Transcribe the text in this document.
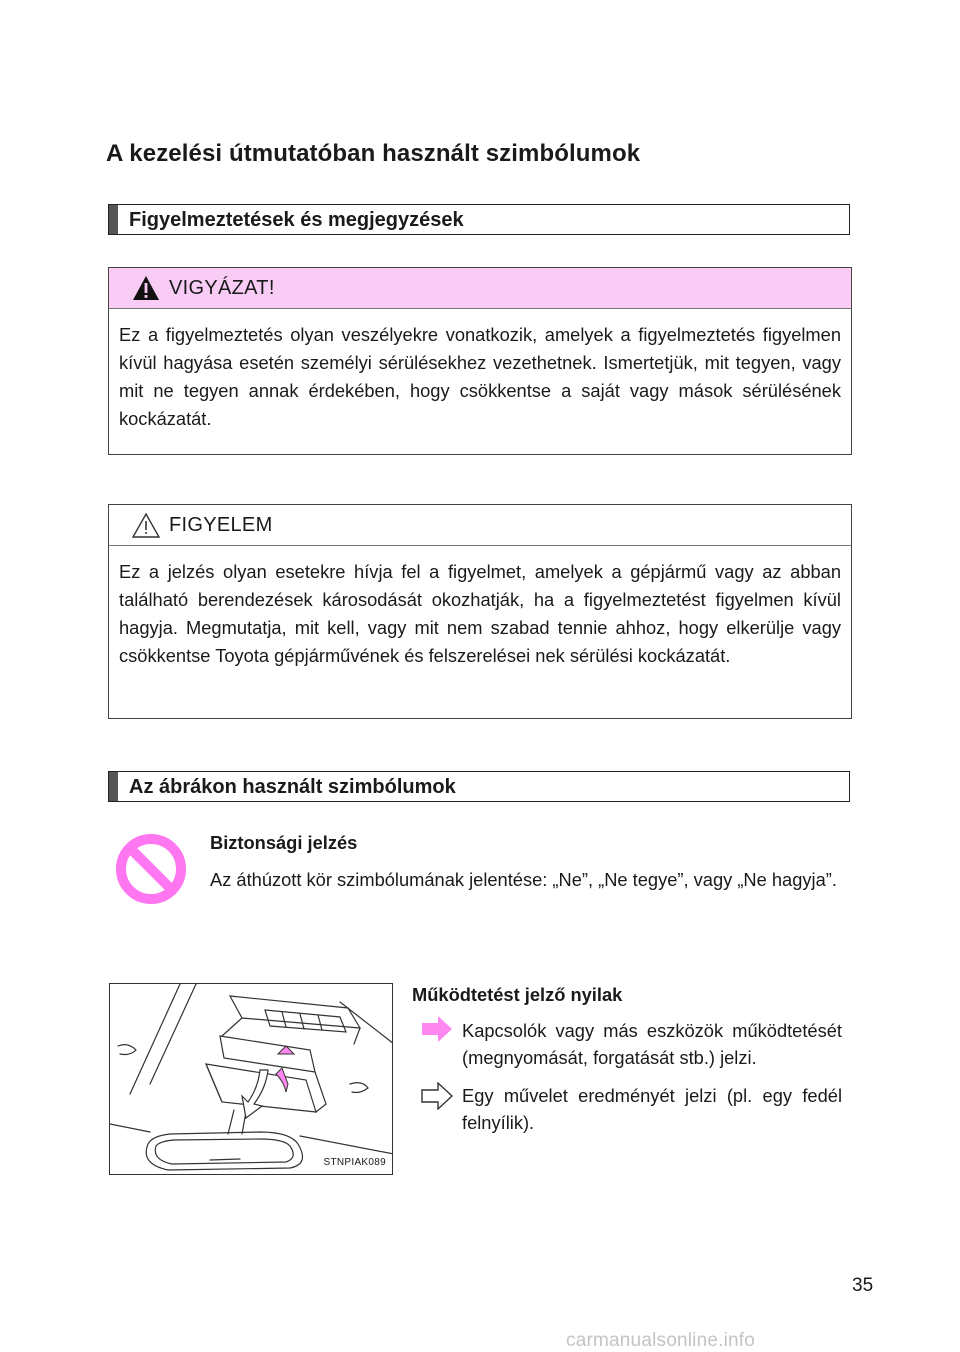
A kezelési útmutatóban használt szimbólumok
Figyelmeztetések és megjegyzések
VIGYÁZAT!
Ez a figyelmeztetés olyan veszélyekre vonatkozik, amelyek a figyelmeztetés figyelmen kívül hagyása esetén személyi sérülésekhez vezethetnek. Ismertetjük, mit tegyen, vagy mit ne tegyen annak érdekében, hogy csökkentse a saját vagy mások sérülésének kockázatát.
FIGYELEM
Ez a jelzés olyan esetekre hívja fel a figyelmet, amelyek a gépjármű vagy az abban található berendezések károsodását okozhatják, ha a figyelmeztetést figyelmen kívül hagyja. Megmutatja, mit kell, vagy mit nem szabad tennie ahhoz, hogy elkerülje vagy csökkentse Toyota gépjárművének és felszerelései nek sérülési kockázatát.
Az ábrákon használt szimbólumok
Biztonsági jelzés
Az áthúzott kör szimbólumának jelentése: „Ne”, „Ne tegye”, vagy „Ne hagyja”.
STNPIAK089
Működtetést jelző nyilak
Kapcsolók vagy más eszközök működtetését (megnyomását, forgatását stb.) jelzi.
Egy művelet eredményét jelzi (pl. egy fedél felnyílik).
35
carmanualsonline.info
